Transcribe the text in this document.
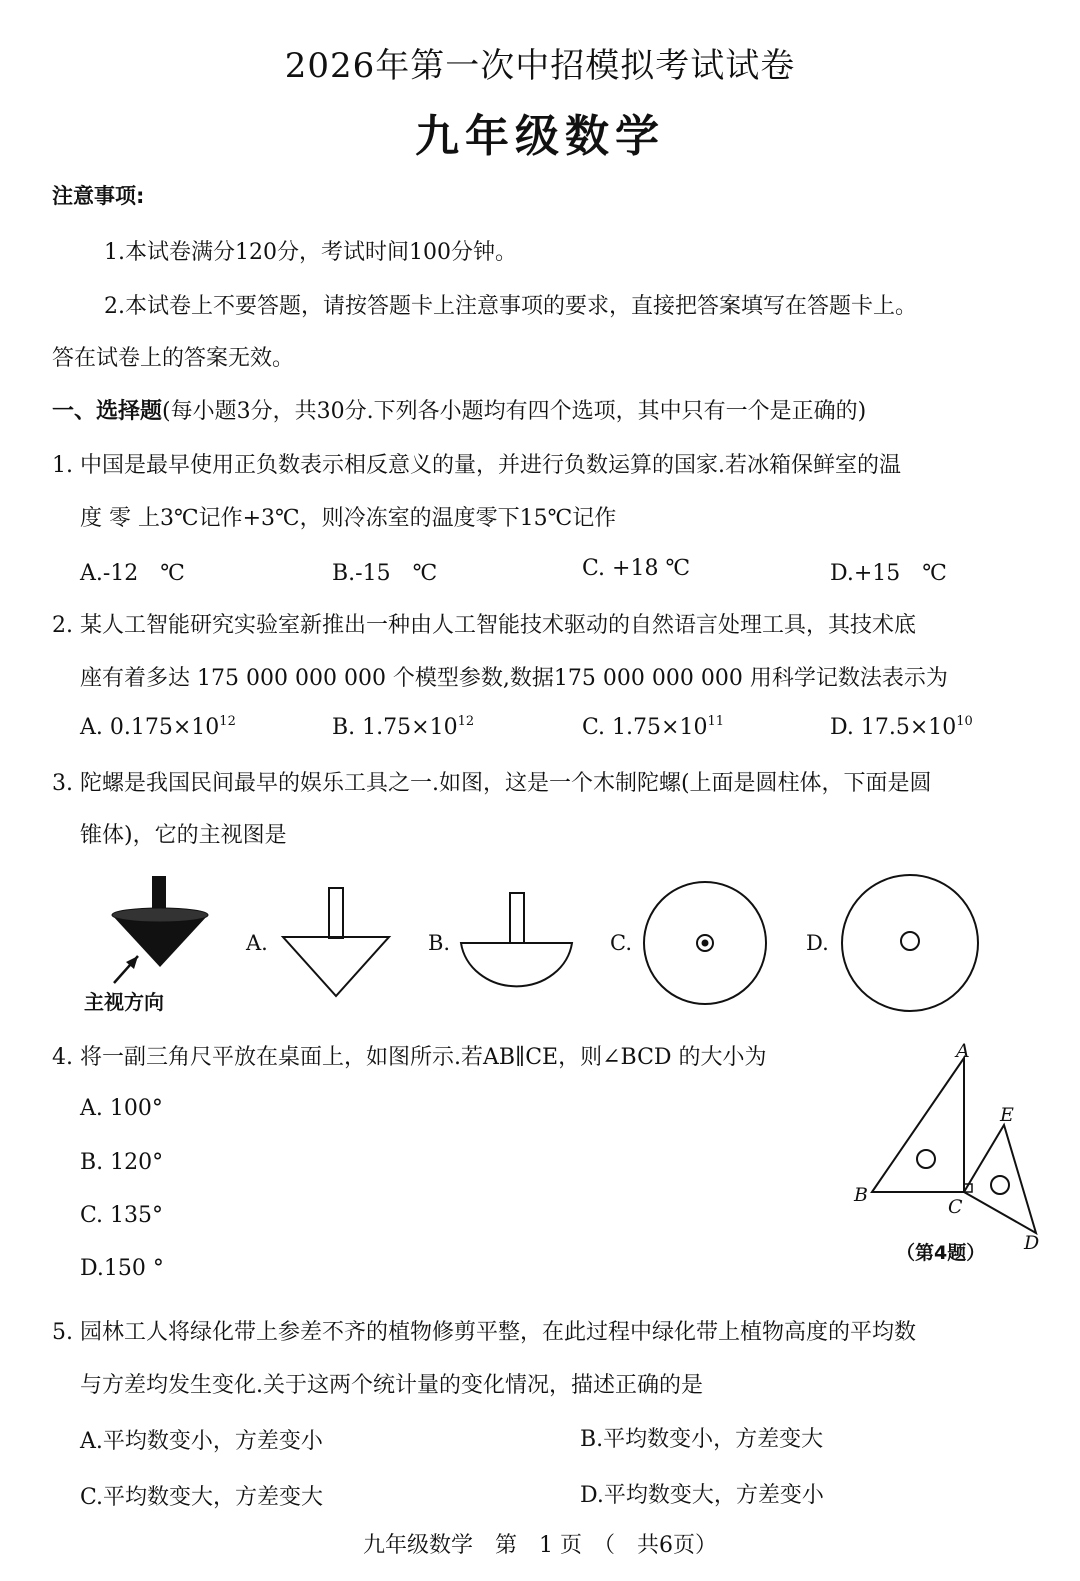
2026年第一次中招模拟考试试卷
九年级数学
注意事项:
1.本试卷满分120分，考试时间100分钟。
2.本试卷上不要答题，请按答题卡上注意事项的要求，直接把答案填写在答题卡上。
答在试卷上的答案无效。
一、选择题(每小题3分，共30分.下列各小题均有四个选项，其中只有一个是正确的)
1. 中国是最早使用正负数表示相反意义的量，并进行负数运算的国家.若冰箱保鲜室的温
度 零 上3℃记作+3℃，则冷冻室的温度零下15℃记作
A.-12　℃	B.-15　℃	C. +18 ℃	D.+15　℃
2. 某人工智能研究实验室新推出一种由人工智能技术驱动的自然语言处理工具，其技术底
座有着多达 175 000 000 000 个模型参数,数据175 000 000 000 用科学记数法表示为
A. $0.175\times 10^{12}$	B. $1.75\times 10^{12}$	C. $1.75\times 10^{11}$	D. $17.5\times 10^{10}$
3. 陀螺是我国民间最早的娱乐工具之一.如图，这是一个木制陀螺(上面是圆柱体，下面是圆
锥体)，它的主视图是
主视方向
A.	B.	C.	D.
4. 将一副三角尺平放在桌面上，如图所示.若AB∥CE，则∠BCD 的大小为
A. 100°
B. 120°
C. 135°
D.150 °
A
B
C
D
E
（第4题）
5. 园林工人将绿化带上参差不齐的植物修剪平整，在此过程中绿化带上植物高度的平均数
与方差均发生变化.关于这两个统计量的变化情况，描述正确的是
A.平均数变小，方差变小	B.平均数变小，方差变大
C.平均数变大，方差变大	D.平均数变大，方差变小
九年级数学　第　1 页　（　共6页）
